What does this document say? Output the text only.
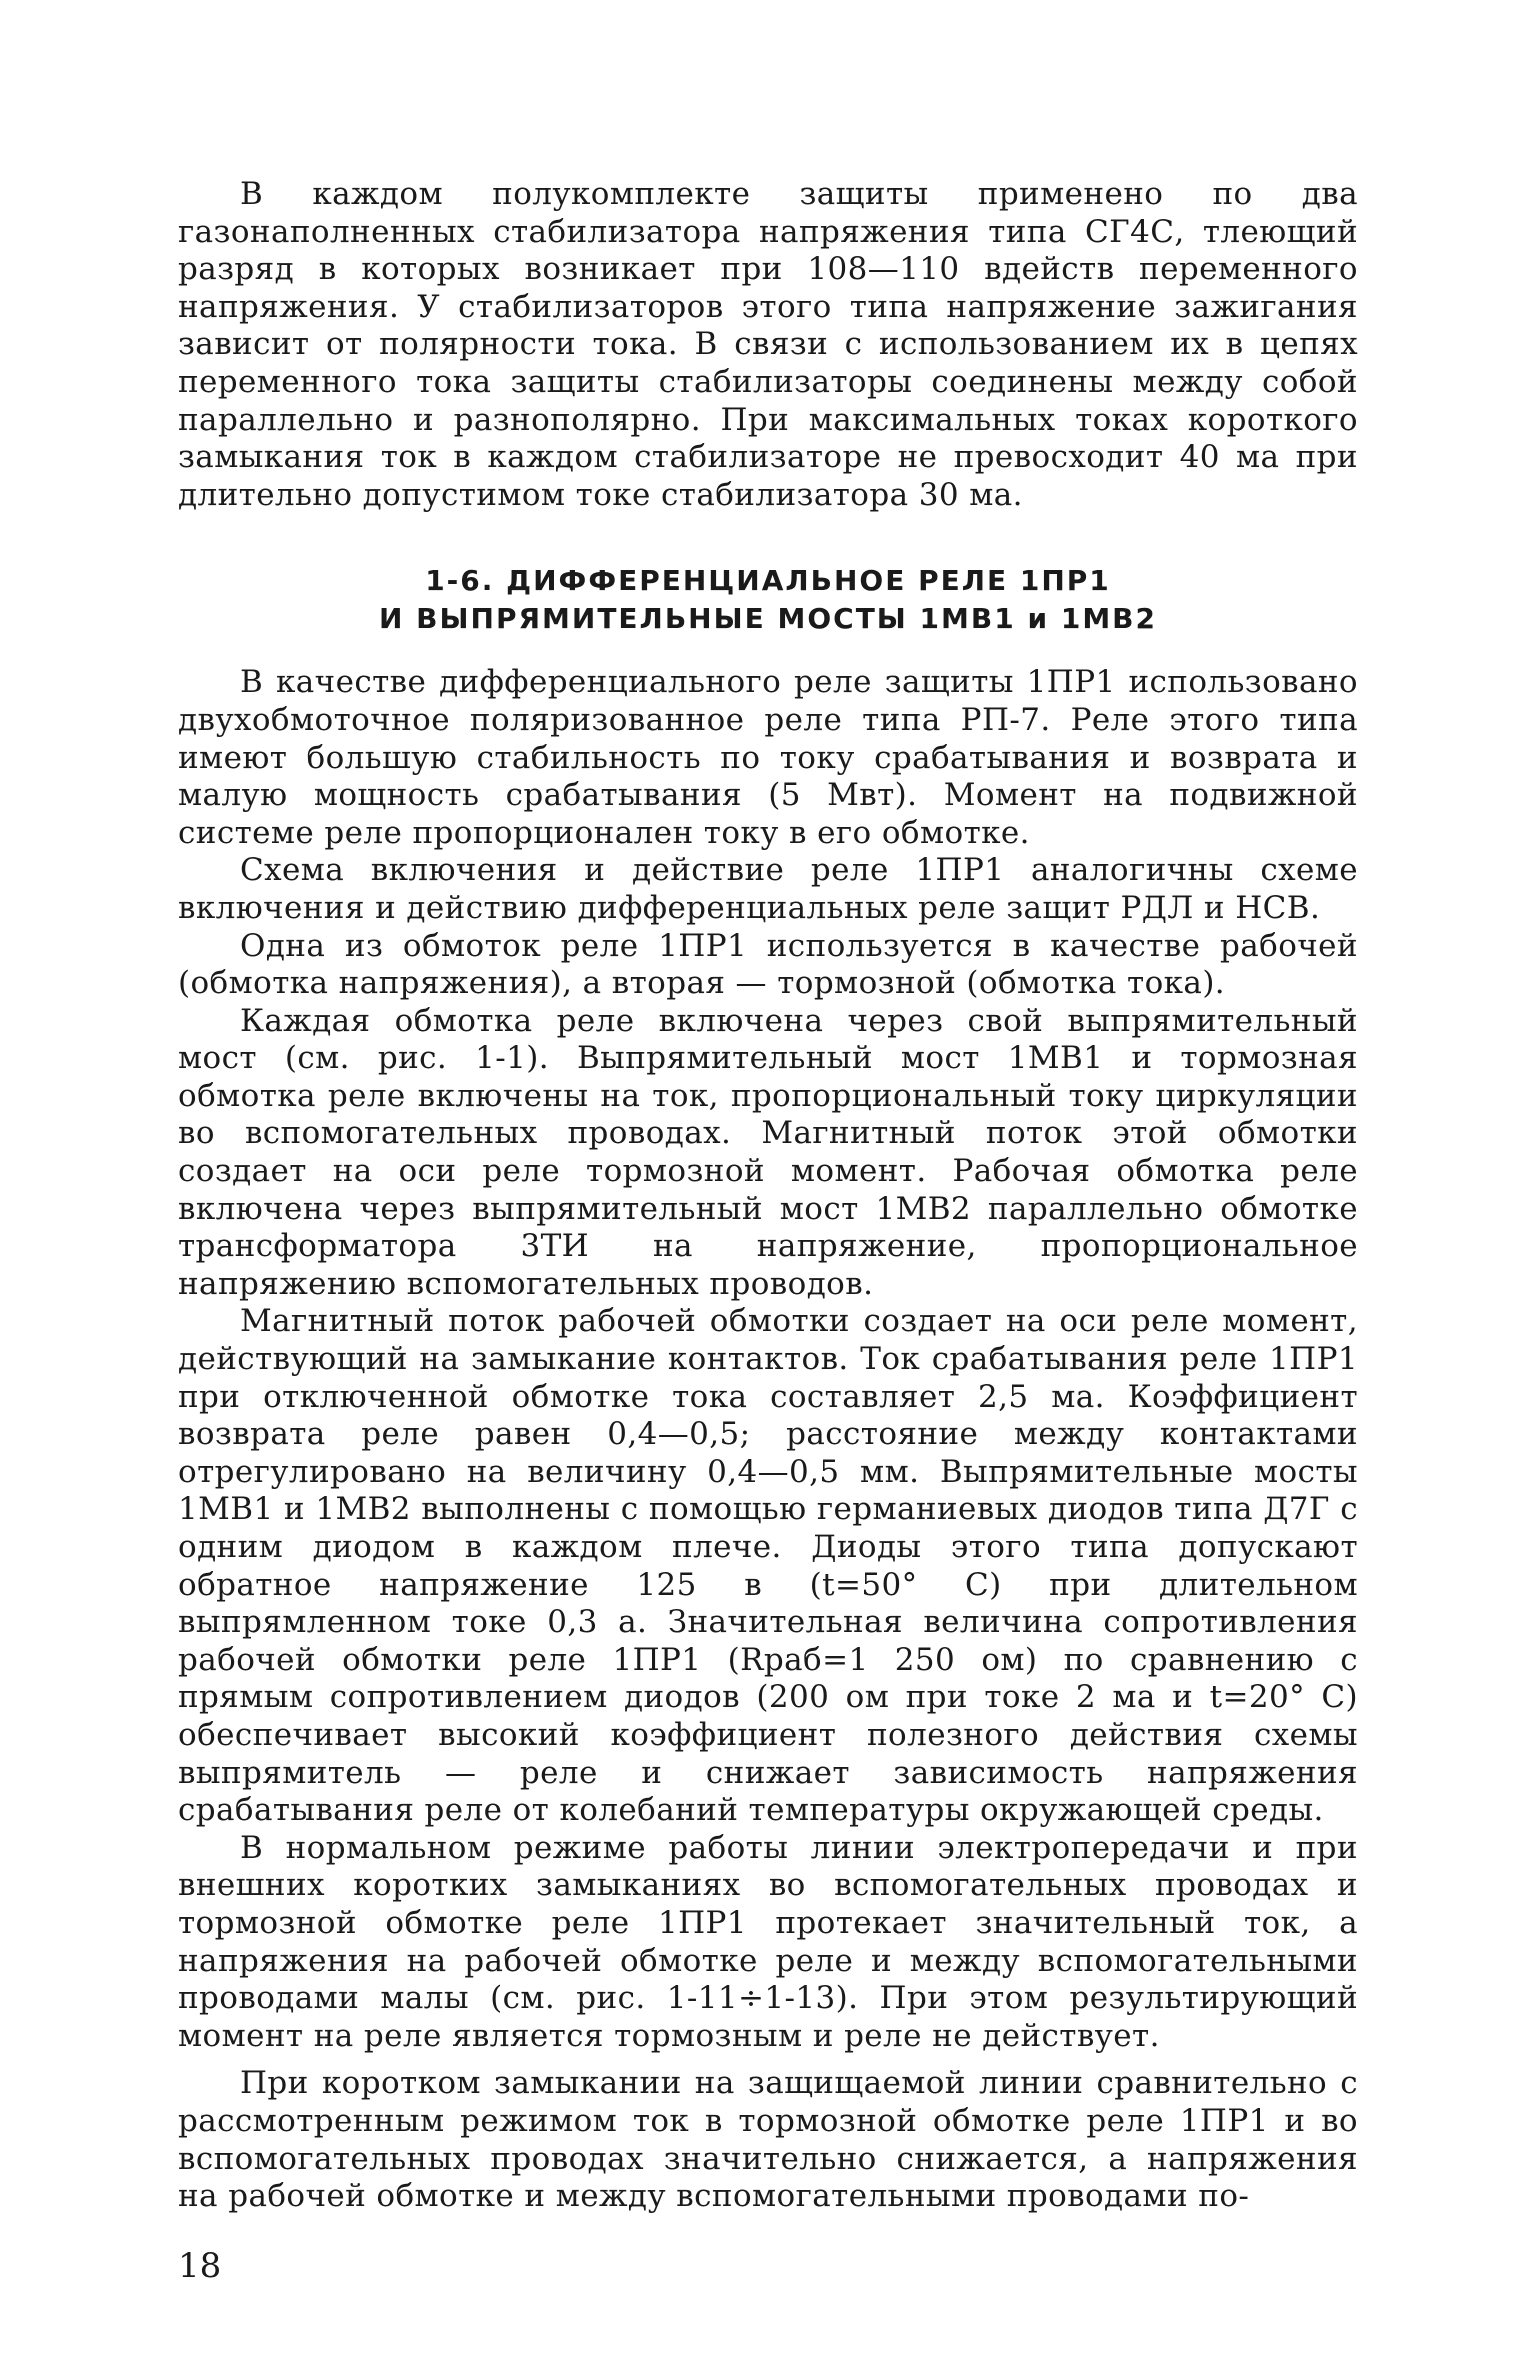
В каждом полукомплекте защиты применено по два газонаполненных стабилизатора напряжения типа СГ4С, тлеющий разряд в которых возникает при 108—110 вдейств переменного напряжения. У стабилизаторов этого типа напряжение зажигания зависит от полярности тока. В связи с использованием их в цепях переменного тока защиты стабилизаторы соединены между собой параллельно и разнополярно. При максимальных токах короткого замыкания ток в каждом стабилизаторе не превосходит 40 ма при длительно допустимом токе стабилизатора 30 ма.

1-6. ДИФФЕРЕНЦИАЛЬНОЕ РЕЛЕ 1ПР1
И ВЫПРЯМИТЕЛЬНЫЕ МОСТЫ 1МВ1 и 1МВ2

В качестве дифференциального реле защиты 1ПР1 использовано двухобмоточное поляризованное реле типа РП-7. Реле этого типа имеют большую стабильность по току срабатывания и возврата и малую мощность срабатывания (5 Мвт). Момент на подвижной системе реле пропорционален току в его обмотке.

Схема включения и действие реле 1ПР1 аналогичны схеме включения и действию дифференциальных реле защит РДЛ и НСВ.

Одна из обмоток реле 1ПР1 используется в качестве рабочей (обмотка напряжения), а вторая — тормозной (обмотка тока).

Каждая обмотка реле включена через свой выпрямительный мост (см. рис. 1-1). Выпрямительный мост 1МВ1 и тормозная обмотка реле включены на ток, пропорциональный току циркуляции во вспомогательных проводах. Магнитный поток этой обмотки создает на оси реле тормозной момент. Рабочая обмотка реле включена через выпрямительный мост 1МВ2 параллельно обмотке трансформатора 3ТИ на напряжение, пропорциональное напряжению вспомогательных проводов.

Магнитный поток рабочей обмотки создает на оси реле момент, действующий на замыкание контактов. Ток срабатывания реле 1ПР1 при отключенной обмотке тока составляет 2,5 ма. Коэффициент возврата реле равен 0,4—0,5; расстояние между контактами отрегулировано на величину 0,4—0,5 мм. Выпрямительные мосты 1МВ1 и 1МВ2 выполнены с помощью германиевых диодов типа Д7Г с одним диодом в каждом плече. Диоды этого типа допускают обратное напряжение 125 в (t=50° С) при длительном выпрямленном токе 0,3 а. Значительная величина сопротивления рабочей обмотки реле 1ПР1 (Rраб=1 250 ом) по сравнению с прямым сопротивлением диодов (200 ом при токе 2 ма и t=20° С) обеспечивает высокий коэффициент полезного действия схемы выпрямитель — реле и снижает зависимость напряжения срабатывания реле от колебаний температуры окружающей среды.

В нормальном режиме работы линии электропередачи и при внешних коротких замыканиях во вспомогательных проводах и тормозной обмотке реле 1ПР1 протекает значительный ток, а напряжения на рабочей обмотке реле и между вспомогательными проводами малы (см. рис. 1-11÷1-13). При этом результирующий момент на реле является тормозным и реле не действует.

При коротком замыкании на защищаемой линии сравнительно с рассмотренным режимом ток в тормозной обмотке реле 1ПР1 и во вспомогательных проводах значительно снижается, а напряжения на рабочей обмотке и между вспомогательными проводами по-

18
